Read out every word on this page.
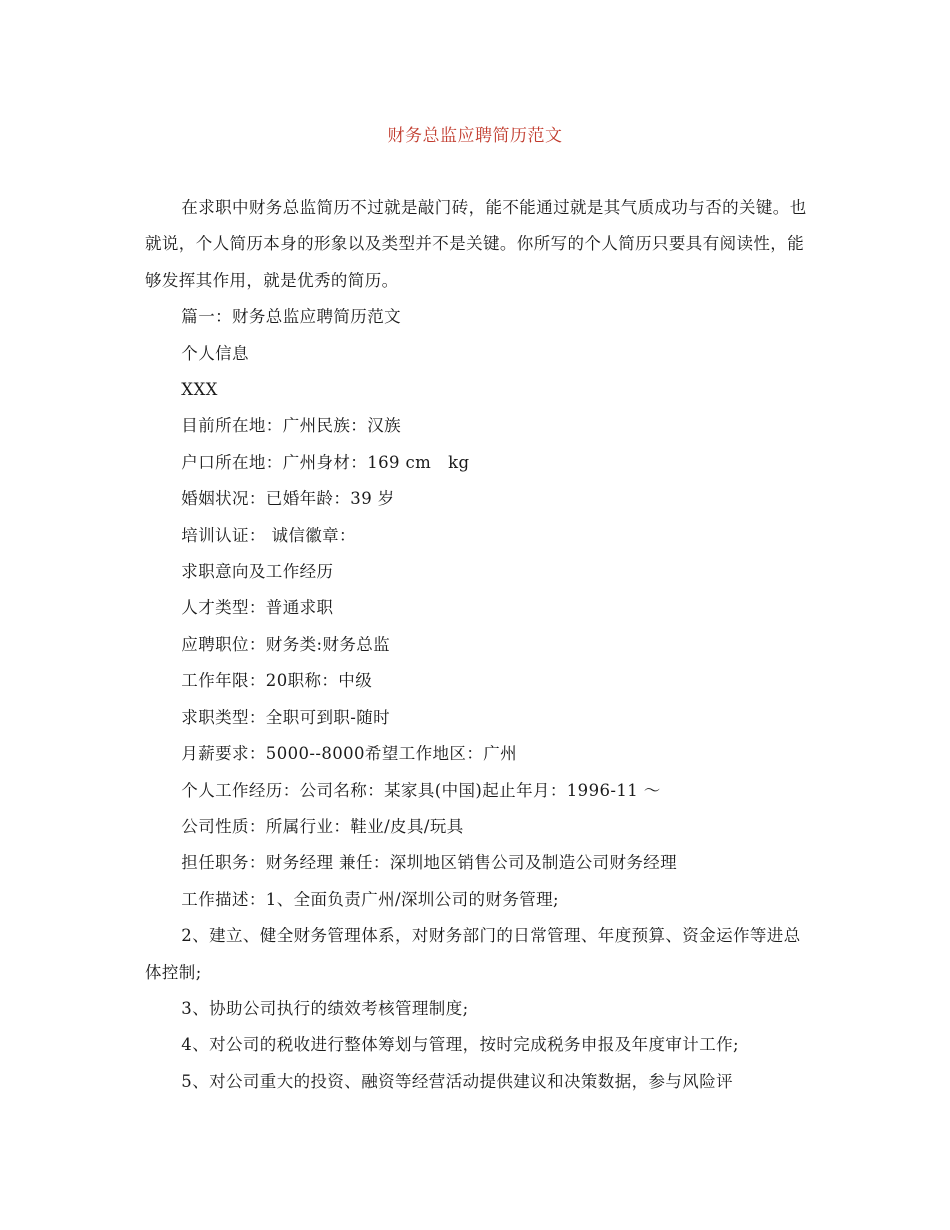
财务总监应聘简历范文

在求职中财务总监简历不过就是敲门砖，能不能通过就是其气质成功与否的关键。也就说，个人简历本身的形象以及类型并不是关键。你所写的个人简历只要具有阅读性，能够发挥其作用，就是优秀的简历。

篇一：财务总监应聘简历范文

个人信息

XXX

目前所在地：广州民族：汉族

户口所在地：广州身材：169 cm   kg

婚姻状况：已婚年龄：39 岁

培训认证： 诚信徽章：

求职意向及工作经历

人才类型：普通求职

应聘职位：财务类:财务总监

工作年限：20职称：中级

求职类型：全职可到职-随时

月薪要求：5000--8000希望工作地区：广州

个人工作经历：公司名称：某家具(中国)起止年月：1996-11 ～

公司性质：所属行业：鞋业/皮具/玩具

担任职务：财务经理 兼任：深圳地区销售公司及制造公司财务经理

工作描述：1、全面负责广州/深圳公司的财务管理;

2、建立、健全财务管理体系，对财务部门的日常管理、年度预算、资金运作等进总体控制;

3、协助公司执行的绩效考核管理制度;

4、对公司的税收进行整体筹划与管理，按时完成税务申报及年度审计工作;

5、对公司重大的投资、融资等经营活动提供建议和决策数据，参与风险评
